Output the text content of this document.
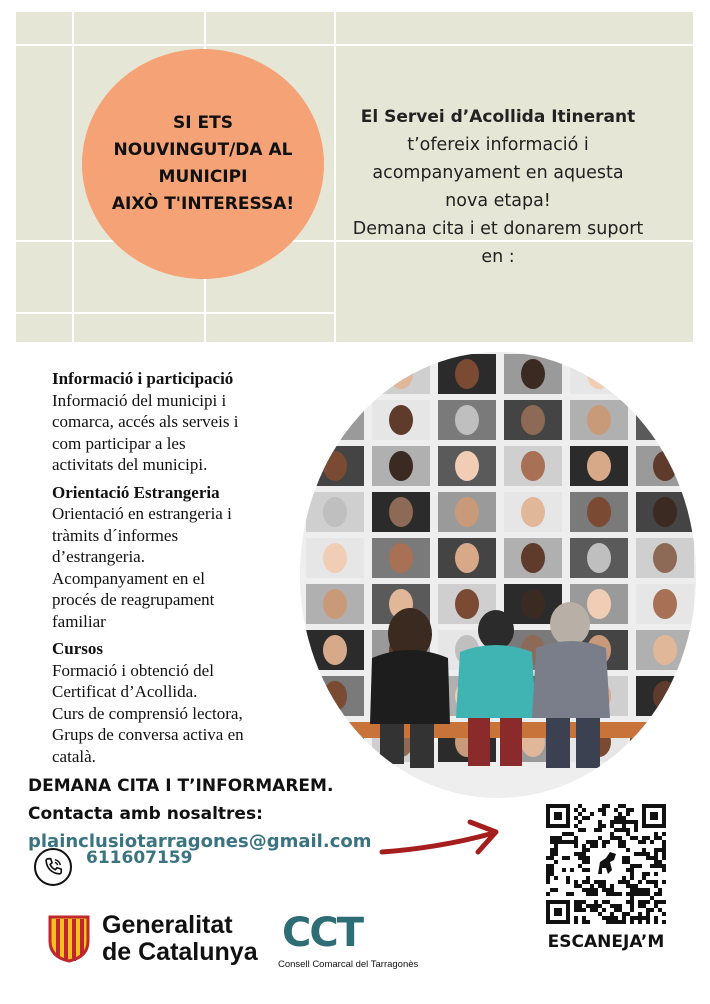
SI ETS
NOUVINGUT/DA AL
MUNICIPI
AIXÒ T'INTERESSA!
El Servei d’Acollida Itinerant
t’ofereix informació i
acompanyament en aquesta
nova etapa!
Demana cita i et donarem suport
en :

Informació i participació

Informació del municipi i

comarca, accés als serveis i

com participar a les

activitats del municipi.

Orientació Estrangeria

Orientació en estrangeria i

tràmits d´informes

d’estrangeria.

Acompanyament en el

procés de reagrupament

familiar

Cursos

Formació i obtenció del

Certificat d’Acollida.

Curs de comprensió lectora,

Grups de conversa activa en

català.

DEMANA CITA I T’INFORMAREM.
Contacta amb nosaltres:
plainclusiotarragones@gmail.com
611607159
ESCANEJA’M
Generalitat
de Catalunya CCT
Consell Comarcal del Tarragonès
